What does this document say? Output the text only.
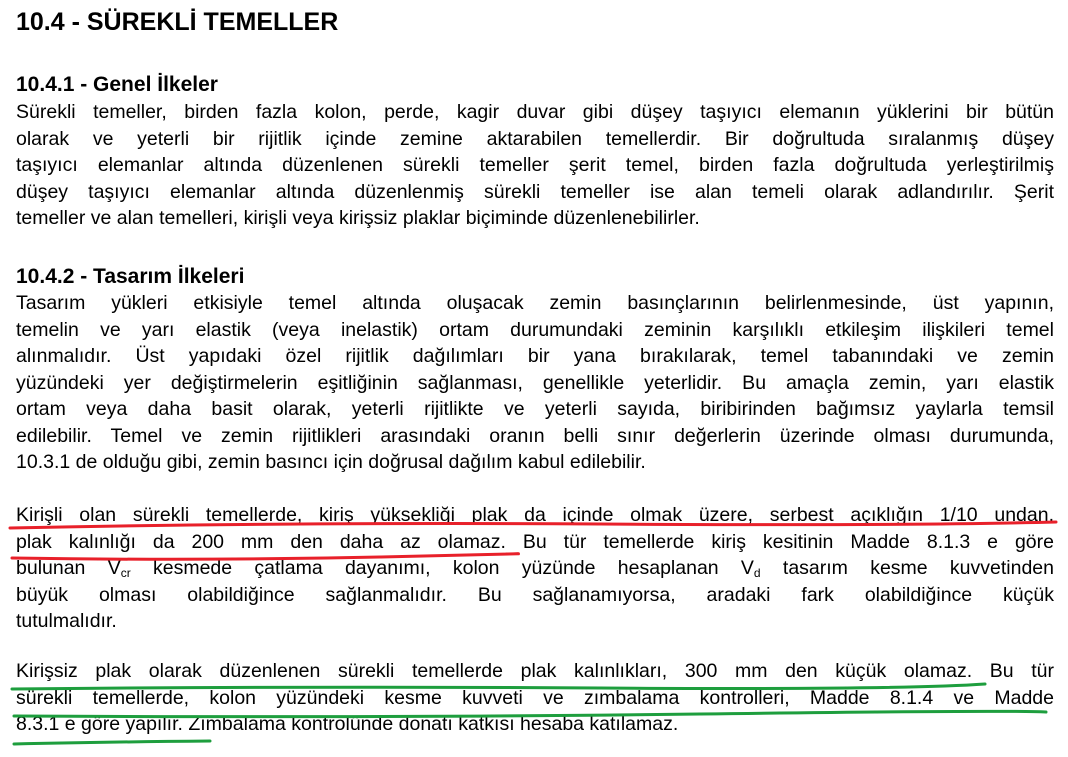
10.4 - SÜREKLİ TEMELLER
10.4.1 - Genel İlkeler
Sürekli temeller, birden fazla kolon, perde, kagir duvar gibi düşey taşıyıcı elemanın yüklerini bir bütün
olarak ve yeterli bir rijitlik içinde zemine aktarabilen temellerdir. Bir doğrultuda sıralanmış düşey
taşıyıcı elemanlar altında düzenlenen sürekli temeller şerit temel, birden fazla doğrultuda yerleştirilmiş
düşey taşıyıcı elemanlar altında düzenlenmiş sürekli temeller ise alan temeli olarak adlandırılır. Şerit
temeller ve alan temelleri, kirişli veya kirişsiz plaklar biçiminde düzenlenebilirler.
10.4.2 - Tasarım İlkeleri
Tasarım yükleri etkisiyle temel altında oluşacak zemin basınçlarının belirlenmesinde, üst yapının,
temelin ve yarı elastik (veya inelastik) ortam durumundaki zeminin karşılıklı etkileşim ilişkileri temel
alınmalıdır. Üst yapıdaki özel rijitlik dağılımları bir yana bırakılarak, temel tabanındaki ve zemin
yüzündeki yer değiştirmelerin eşitliğinin sağlanması, genellikle yeterlidir. Bu amaçla zemin, yarı elastik
ortam veya daha basit olarak, yeterli rijitlikte ve yeterli sayıda, biribirinden bağımsız yaylarla temsil
edilebilir. Temel ve zemin rijitlikleri arasındaki oranın belli sınır değerlerin üzerinde olması durumunda,
10.3.1 de olduğu gibi, zemin basıncı için doğrusal dağılım kabul edilebilir.
Kirişli olan sürekli temellerde, kiriş yüksekliği plak da içinde olmak üzere, serbest açıklığın 1/10 undan,
plak kalınlığı da 200 mm den daha az olamaz. Bu tür temellerde kiriş kesitinin Madde 8.1.3 e göre
bulunan $V_{cr}$ kesmede çatlama dayanımı, kolon yüzünde hesaplanan $V_d$ tasarım kesme kuvvetinden
büyük olması olabildiğince sağlanmalıdır. Bu sağlanamıyorsa, aradaki fark olabildiğince küçük
tutulmalıdır.
Kirişsiz plak olarak düzenlenen sürekli temellerde plak kalınlıkları, 300 mm den küçük olamaz. Bu tür
sürekli temellerde, kolon yüzündeki kesme kuvveti ve zımbalama kontrolleri, Madde 8.1.4 ve Madde
8.3.1 e göre yapılır. Zımbalama kontrolünde donatı katkısı hesaba katılamaz.
